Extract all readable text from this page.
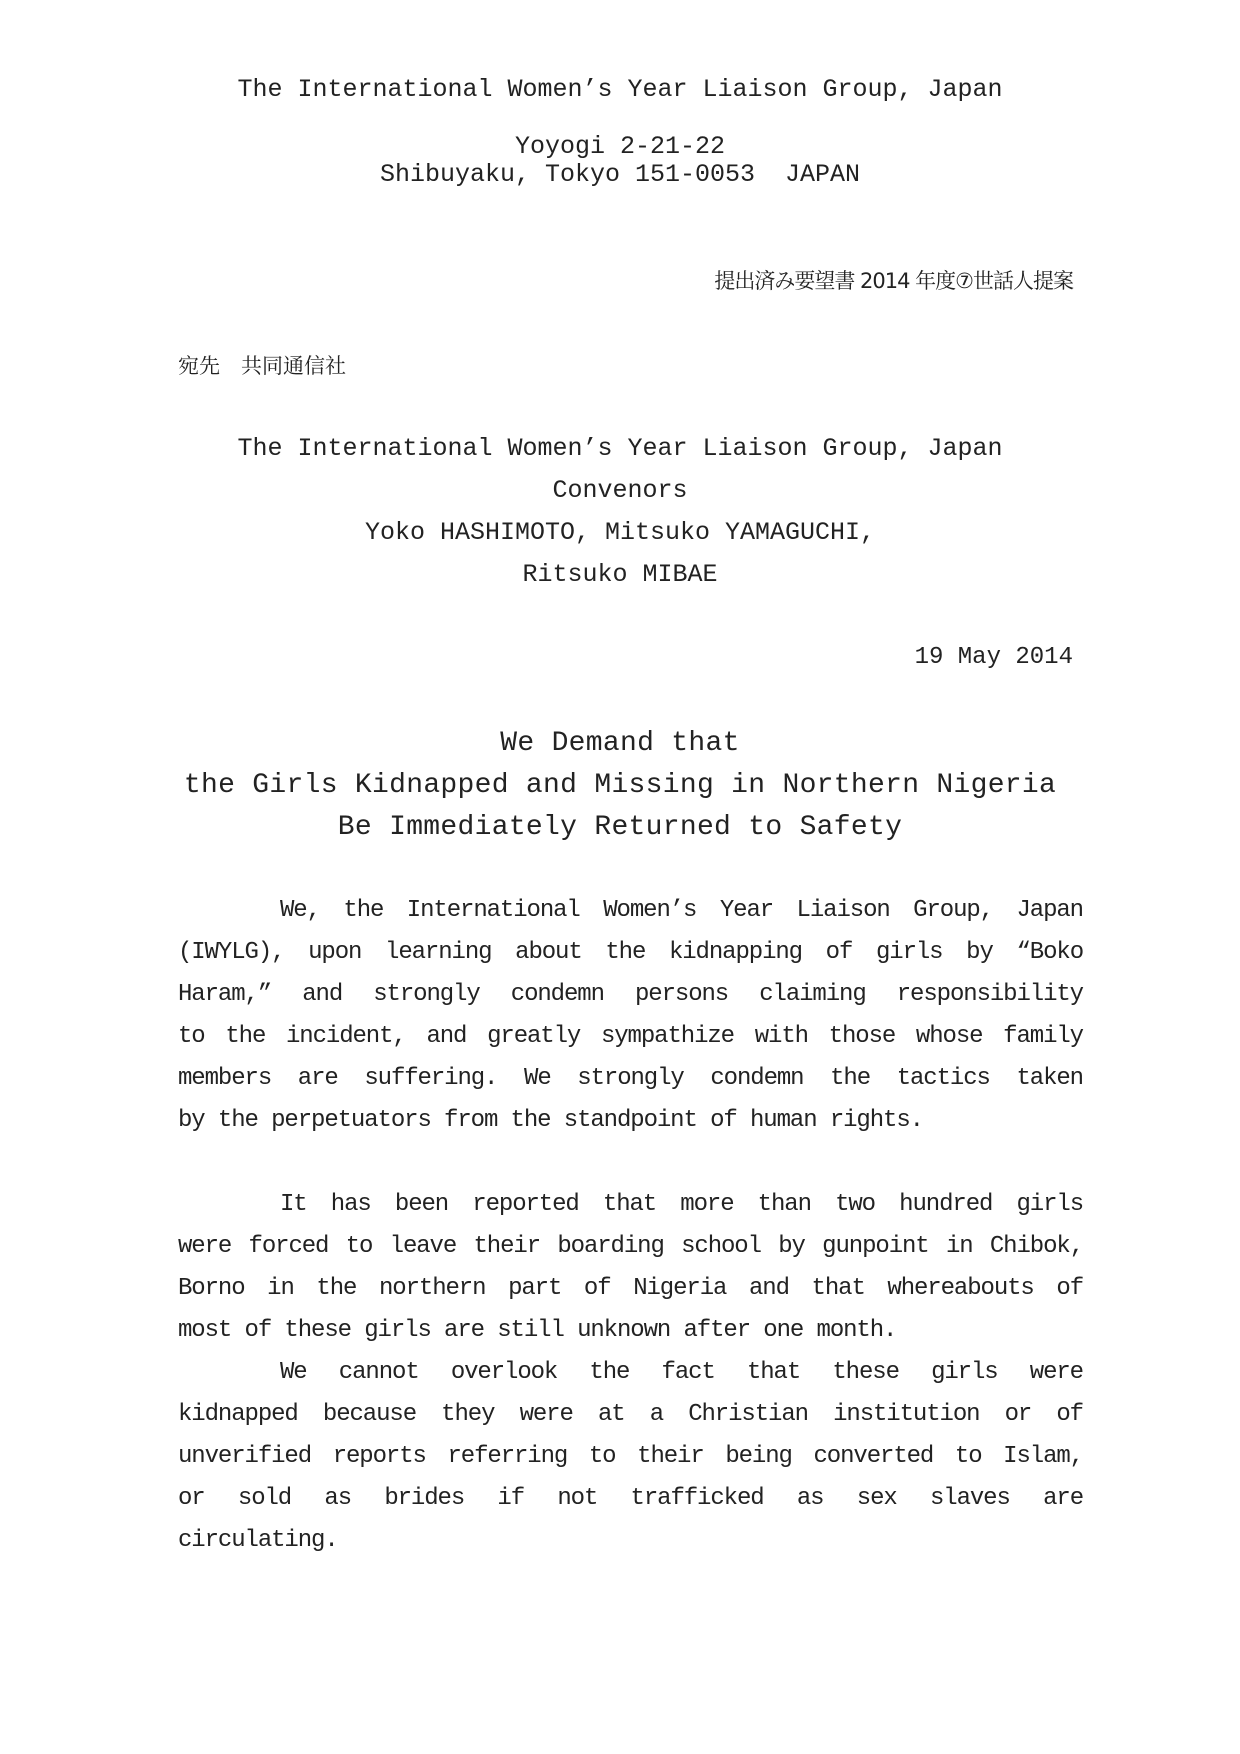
The International Women’s Year Liaison Group, Japan
Yoyogi 2-21-22
Shibuyaku, Tokyo 151-0053  JAPAN
提出済み要望書 2014 年度⑦世話人提案
宛先　共同通信社
The International Women’s Year Liaison Group, Japan
Convenors
Yoko HASHIMOTO, Mitsuko YAMAGUCHI,
Ritsuko MIBAE
19 May 2014
We Demand that
the Girls Kidnapped and Missing in Northern Nigeria
Be Immediately Returned to Safety
We, the International Women’s Year Liaison Group, Japan
(IWYLG), upon learning about the kidnapping of girls by “Boko
Haram,” and strongly condemn persons claiming responsibility
to the incident, and greatly sympathize with those whose family
members are suffering. We strongly condemn the tactics taken
by the perpetuators from the standpoint of human rights.
It has been reported that more than two hundred girls
were forced to leave their boarding school by gunpoint in Chibok,
Borno in the northern part of Nigeria and that whereabouts of
most of these girls are still unknown after one month.
We cannot overlook the fact that these girls were
kidnapped because they were at a Christian institution or of
unverified reports referring to their being converted to Islam,
or sold as brides if not trafficked as sex slaves are
circulating.
